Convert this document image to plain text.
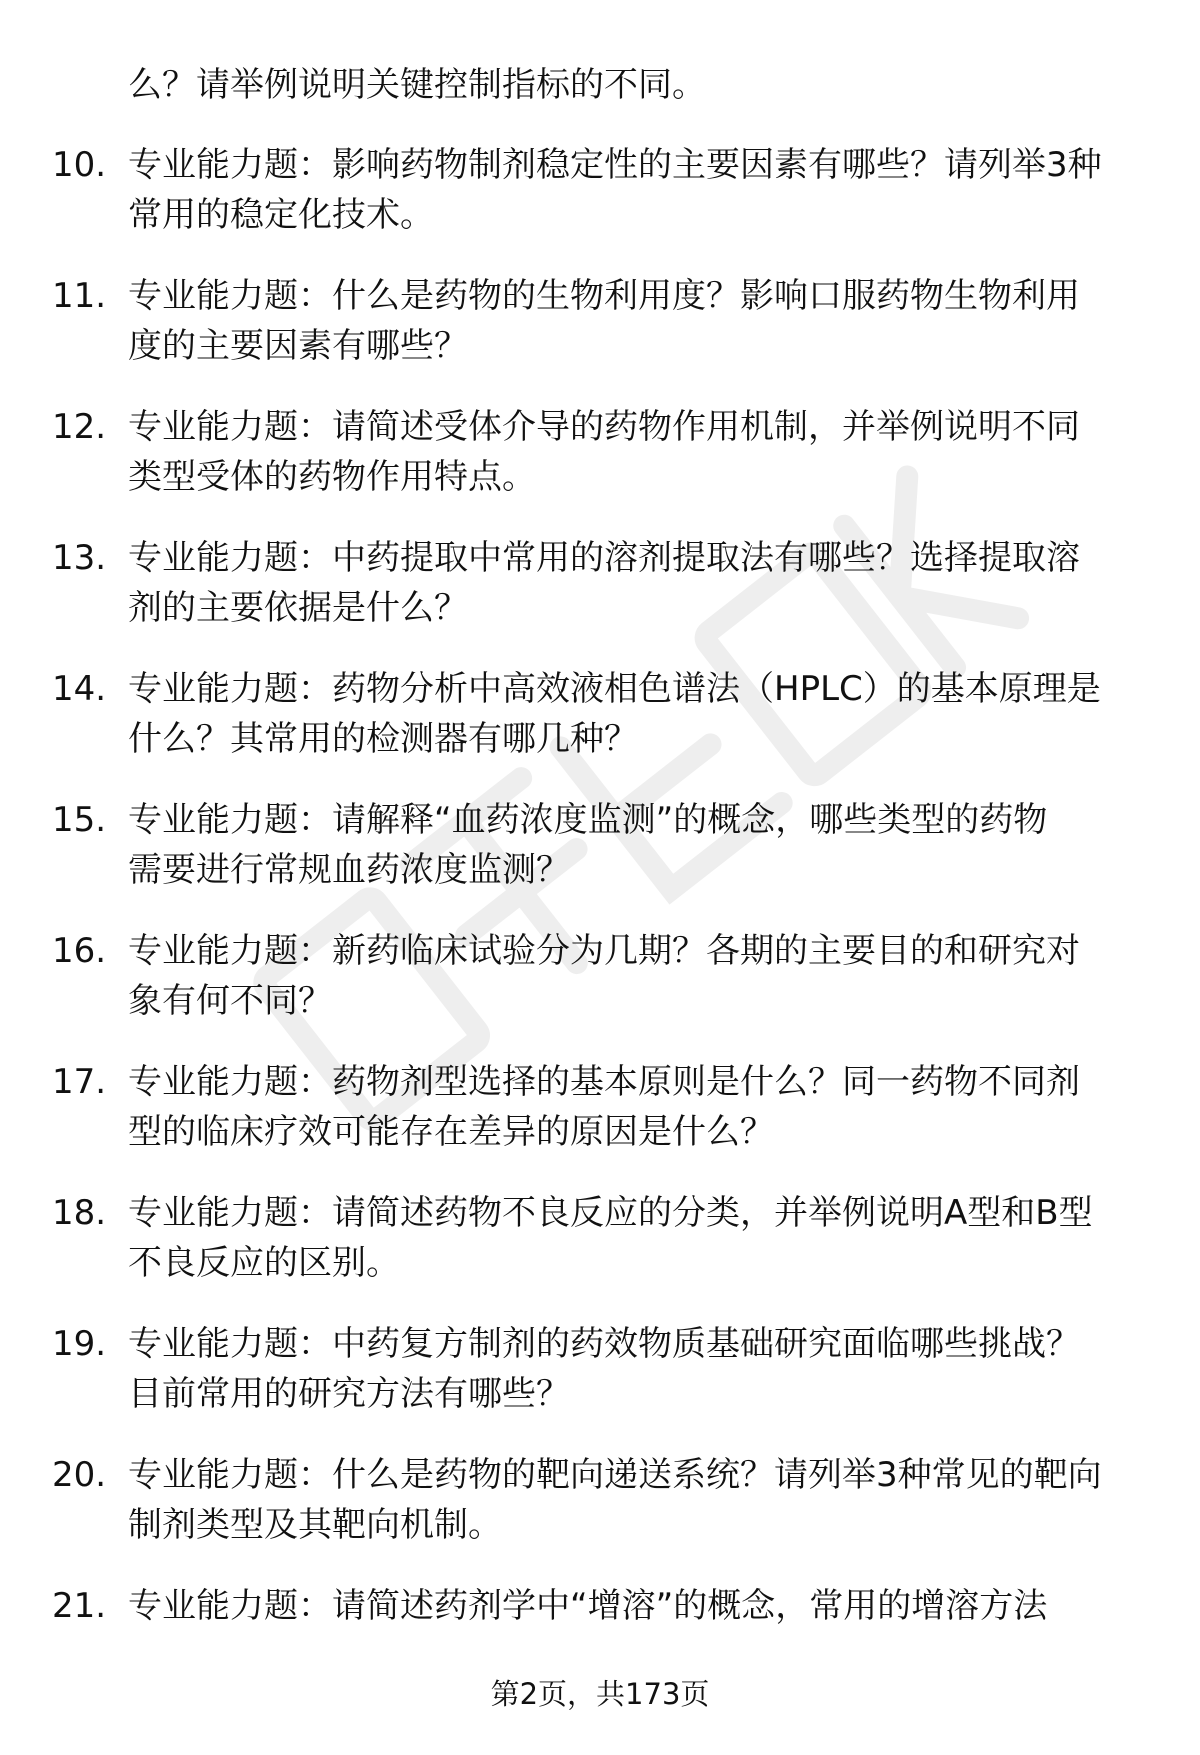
么？请举例说明关键控制指标的不同。
10. 专业能力题：影响药物制剂稳定性的主要因素有哪些？请列举3种
常用的稳定化技术。
11. 专业能力题：什么是药物的生物利用度？影响口服药物生物利用
度的主要因素有哪些？
12. 专业能力题：请简述受体介导的药物作用机制，并举例说明不同
类型受体的药物作用特点。
13. 专业能力题：中药提取中常用的溶剂提取法有哪些？选择提取溶
剂的主要依据是什么？
14. 专业能力题：药物分析中高效液相色谱法（HPLC）的基本原理是
什么？其常用的检测器有哪几种？
15. 专业能力题：请解释“血药浓度监测”的概念，哪些类型的药物
需要进行常规血药浓度监测？
16. 专业能力题：新药临床试验分为几期？各期的主要目的和研究对
象有何不同？
17. 专业能力题：药物剂型选择的基本原则是什么？同一药物不同剂
型的临床疗效可能存在差异的原因是什么？
18. 专业能力题：请简述药物不良反应的分类，并举例说明A型和B型
不良反应的区别。
19. 专业能力题：中药复方制剂的药效物质基础研究面临哪些挑战？
目前常用的研究方法有哪些？
20. 专业能力题：什么是药物的靶向递送系统？请列举3种常见的靶向
制剂类型及其靶向机制。
21. 专业能力题：请简述药剂学中“增溶”的概念，常用的增溶方法
第2页，共173页
